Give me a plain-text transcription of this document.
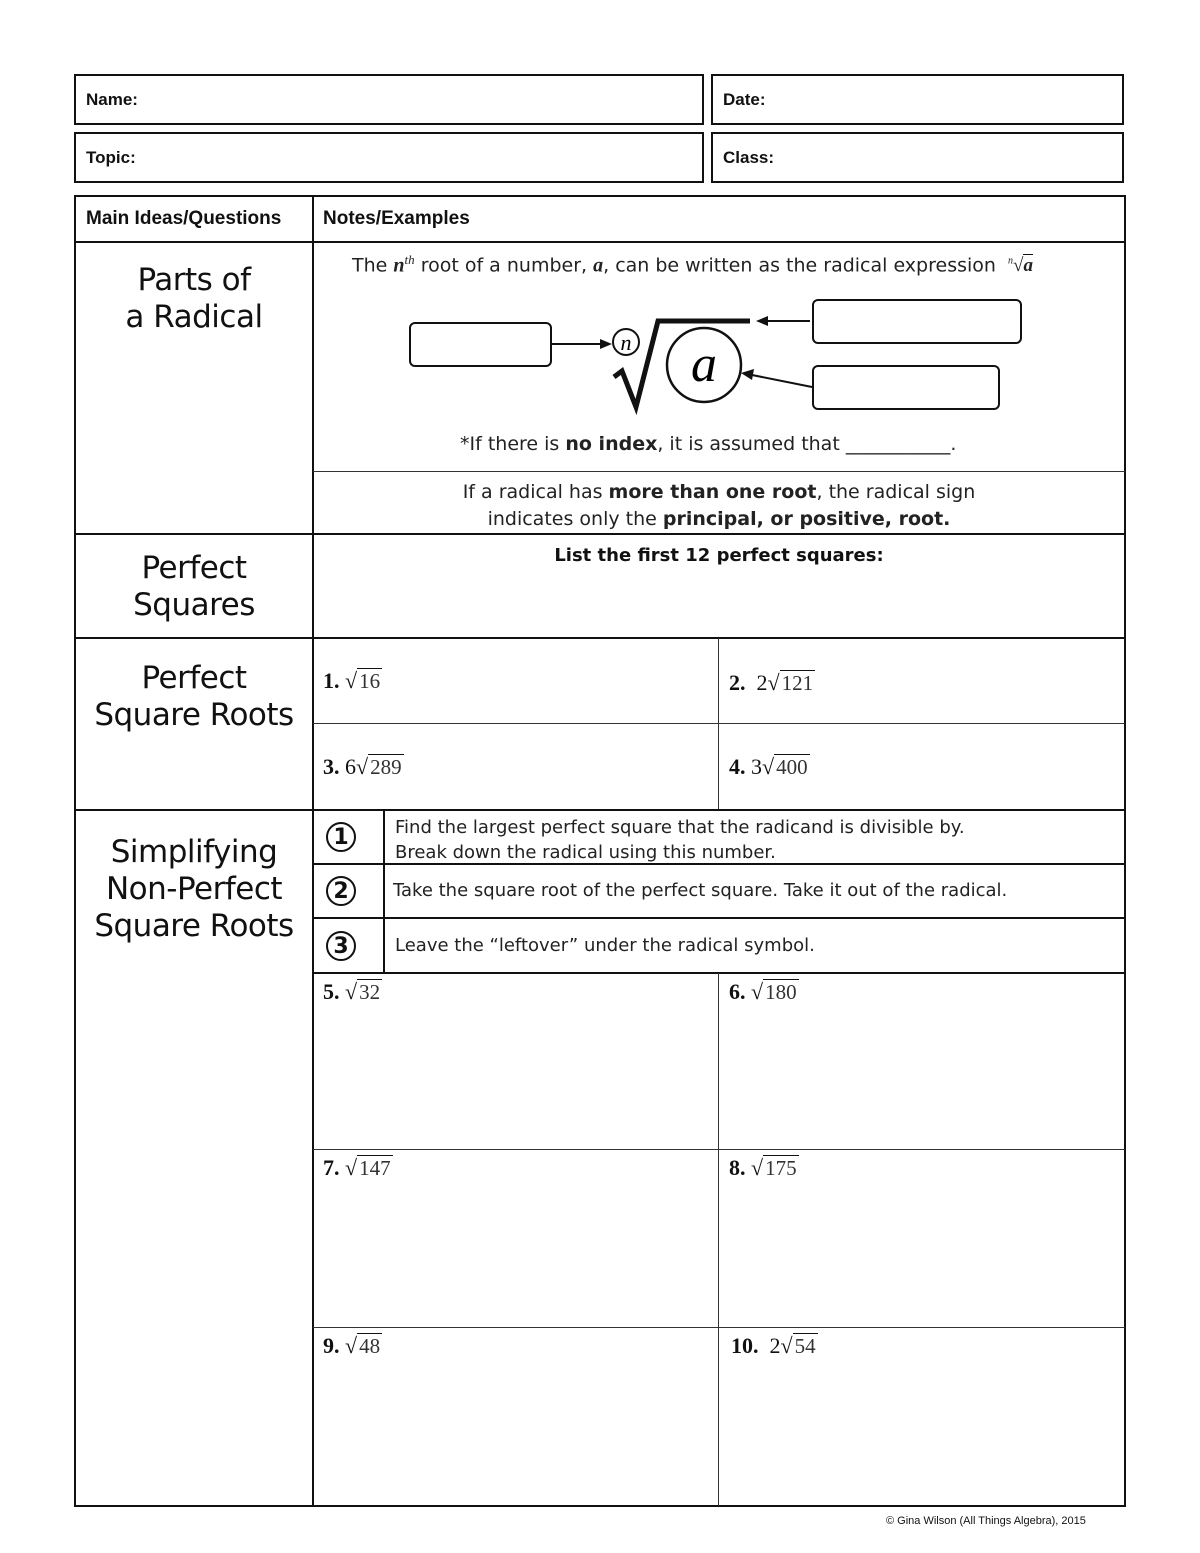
Name:	Date:
Topic:	Class:
Main Ideas/Questions Notes/Examples
Parts of
a Radical
The $n^{th}$ root of a number, a, can be written as the radical expression $^n$√a
n a
*If there is no index, it is assumed that ___________.
If a radical has more than one root, the radical sign
indicates only the principal, or positive, root.
Perfect
Squares
List the first 12 perfect squares:
Perfect
Square Roots
1. √16	2. 2√121
3. 6√289	4. 3√400
Simplifying
Non-Perfect
Square Roots
1	Find the largest perfect square that the radicand is divisible by.
Break down the radical using this number.
2	Take the square root of the perfect square. Take it out of the radical.
3	Leave the “leftover” under the radical symbol.
5. √32	6. √180
7. √147	8. √175
9. √48	10. 2√54
© Gina Wilson (All Things Algebra), 2015
